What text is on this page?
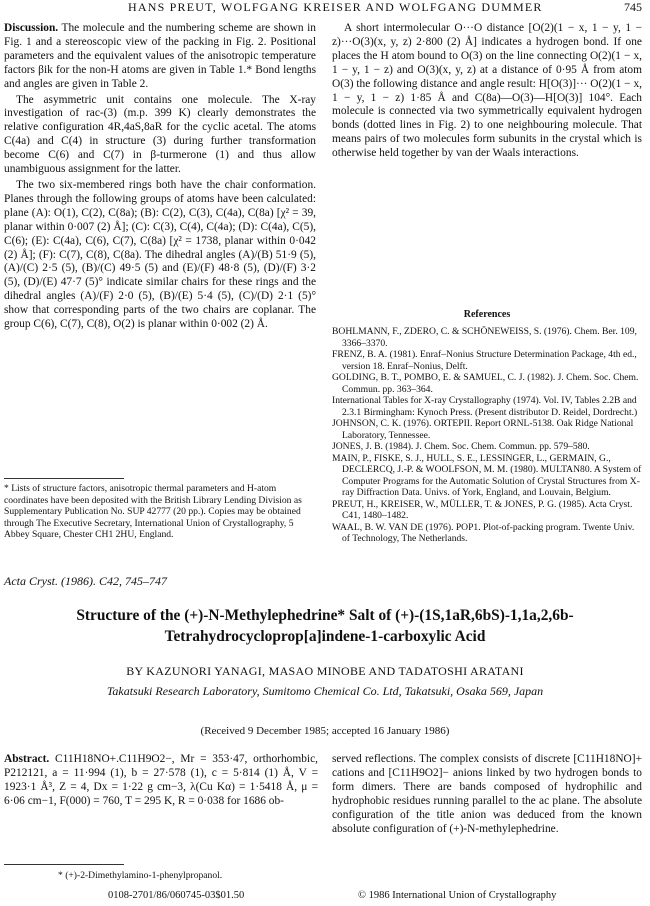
HANS PREUT, WOLFGANG KREISER AND WOLFGANG DUMMER	745

Discussion. The molecule and the numbering scheme are shown in Fig. 1 and a stereoscopic view of the packing in Fig. 2. Positional parameters and the equivalent values of the anisotropic temperature factors βik for the non-H atoms are given in Table 1.* Bond lengths and angles are given in Table 2.

The asymmetric unit contains one molecule. The X-ray investigation of rac-(3) (m.p. 399 K) clearly demonstrates the relative configuration 4R,4aS,8aR for the cyclic acetal. The atoms C(4a) and C(4) in structure (3) during further transformation become C(6) and C(7) in β-turmerone (1) and thus allow unambiguous assignment for the latter.

The two six-membered rings both have the chair conformation. Planes through the following groups of atoms have been calculated: plane (A): O(1), C(2), C(8a); (B): C(2), C(3), C(4a), C(8a) [χ² = 39, planar within 0·007 (2) Å]; (C): C(3), C(4), C(4a); (D): C(4a), C(5), C(6); (E): C(4a), C(6), C(7), C(8a) [χ² = 1738, planar within 0·042 (2) Å]; (F): C(7), C(8), C(8a). The dihedral angles (A)/(B) 51·9 (5), (A)/(C) 2·5 (5), (B)/(C) 49·5 (5) and (E)/(F) 48·8 (5), (D)/(F) 3·2 (5), (D)/(E) 47·7 (5)° indicate similar chairs for these rings and the dihedral angles (A)/(F) 2·0 (5), (B)/(E) 5·4 (5), (C)/(D) 2·1 (5)° show that corresponding parts of the two chairs are coplanar. The group C(6), C(7), C(8), O(2) is planar within 0·002 (2) Å.

* Lists of structure factors, anisotropic thermal parameters and H-atom coordinates have been deposited with the British Library Lending Division as Supplementary Publication No. SUP 42777 (20 pp.). Copies may be obtained through The Executive Secretary, International Union of Crystallography, 5 Abbey Square, Chester CH1 2HU, England.

A short intermolecular O···O distance [O(2)(1 − x, 1 − y, 1 − z)···O(3)(x, y, z) 2·800 (2) Å] indicates a hydrogen bond. If one places the H atom bound to O(3) on the line connecting O(2)(1 − x, 1 − y, 1 − z) and O(3)(x, y, z) at a distance of 0·95 Å from atom O(3) the following distance and angle result: H[O(3)]··· O(2)(1 − x, 1 − y, 1 − z) 1·85 Å and C(8a)—O(3)—H[O(3)] 104°. Each molecule is connected via two symmetrically equivalent hydrogen bonds (dotted lines in Fig. 2) to one neighbouring molecule. That means pairs of two molecules form subunits in the crystal which is otherwise held together by van der Waals interactions.

References

BOHLMANN, F., ZDERO, C. & SCHÖNEWEISS, S. (1976). Chem. Ber. 109, 3366–3370.

FRENZ, B. A. (1981). Enraf–Nonius Structure Determination Package, 4th ed., version 18. Enraf–Nonius, Delft.

GOLDING, B. T., POMBO, E. & SAMUEL, C. J. (1982). J. Chem. Soc. Chem. Commun. pp. 363–364.

International Tables for X-ray Crystallography (1974). Vol. IV, Tables 2.2B and 2.3.1 Birmingham: Kynoch Press. (Present distributor D. Reidel, Dordrecht.)

JOHNSON, C. K. (1976). ORTEPII. Report ORNL-5138. Oak Ridge National Laboratory, Tennessee.

JONES, J. B. (1984). J. Chem. Soc. Chem. Commun. pp. 579–580.

MAIN, P., FISKE, S. J., HULL, S. E., LESSINGER, L., GERMAIN, G., DECLERCQ, J.-P. & WOOLFSON, M. M. (1980). MULTAN80. A System of Computer Programs for the Automatic Solution of Crystal Structures from X-ray Diffraction Data. Univs. of York, England, and Louvain, Belgium.

PREUT, H., KREISER, W., MÜLLER, T. & JONES, P. G. (1985). Acta Cryst. C41, 1480–1482.

WAAL, B. W. VAN DE (1976). POP1. Plot-of-packing program. Twente Univ. of Technology, The Netherlands.

Acta Cryst. (1986). C42, 745–747
Structure of the (+)-N-Methylephedrine* Salt of (+)-(1S,1aR,6bS)-1,1a,2,6b-
Tetrahydrocycloprop[a]indene-1-carboxylic Acid
BY KAZUNORI YANAGI, MASAO MINOBE AND TADATOSHI ARATANI
Takatsuki Research Laboratory, Sumitomo Chemical Co. Ltd, Takatsuki, Osaka 569, Japan
(Received 9 December 1985; accepted 16 January 1986)
Abstract. C11H18NO+.C11H9O2−, Mr = 353·47, orthorhombic, P212121, a = 11·994 (1), b = 27·578 (1), c = 5·814 (1) Å, V = 1923·1 Å³, Z = 4, Dx = 1·22 g cm−3, λ(Cu Kα) = 1·5418 Å, μ = 6·06 cm−1, F(000) = 760, T = 295 K, R = 0·038 for 1686 ob-
served reflections. The complex consists of discrete [C11H18NO]+ cations and [C11H9O2]− anions linked by two hydrogen bonds to form dimers. There are bands composed of hydrophilic and hydrophobic residues running parallel to the ac plane. The absolute configuration of the title anion was deduced from the known absolute configuration of (+)-N-methylephedrine.
* (+)-2-Dimethylamino-1-phenylpropanol.
0108-2701/86/060745-03$01.50	© 1986 International Union of Crystallography
